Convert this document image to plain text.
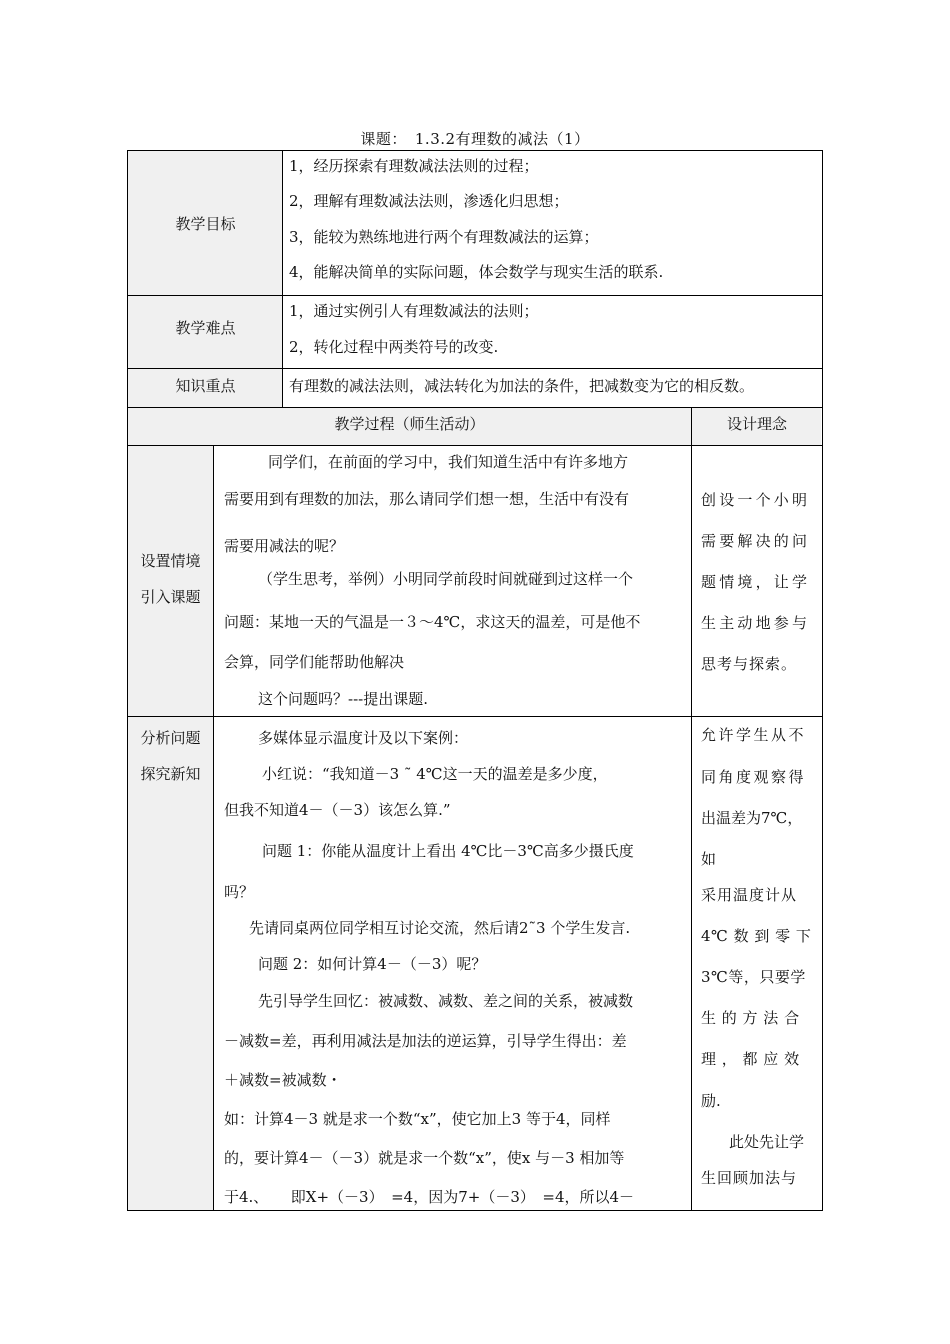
课题：　1.3.2有理数的减法（1）
教学目标
1，经历探索有理数减法法则的过程；
2，理解有理数减法法则，渗透化归思想；
3，能较为熟练地进行两个有理数减法的运算；
4，能解决简单的实际问题，体会数学与现实生活的联系.
教学难点
1，通过实例引人有理数减法的法则；
2，转化过程中两类符号的改变.
知识重点	有理数的减法法则，减法转化为加法的条件，把减数变为它的相反数。
教学过程（师生活动）	设计理念
设置情境
引入课题
同学们，在前面的学习中，我们知道生活中有许多地方
需要用到有理数的加法，那么请同学们想一想，生活中有没有
需要用减法的呢？
（学生思考，举例）小明同学前段时间就碰到过这样一个
问题：某地一天的气温是一３～4℃，求这天的温差，可是他不
会算，同学们能帮助他解决
这个问题吗？---提出课题.
创设一个小明
需要解决的问
题情境，让学
生主动地参与
思考与探索。
分析问题
探究新知
多媒体显示温度计及以下案例：
小红说：“我知道－3 ˜ 4℃这一天的温差是多少度，
但我不知道4－（－3）该怎么算.”
问题 1：你能从温度计上看出 4℃比－3℃高多少摄氏度
吗？
先请同桌两位同学相互讨论交流，然后请2˜3 个学生发言.
问题 2：如何计算4－（－3）呢？
先引导学生回忆：被减数、减数、差之间的关系，被减数
－减数=差，再利用减法是加法的逆运算，引导学生得出：差
＋减数=被减数・
如：计算4－3 就是求一个数“x”，使它加上3 等于4，同样
的，要计算4－（－3）就是求一个数“x”，使x 与－3 相加等
于4.、　　即X+（－3）　=4，因为7+（－3）　=4，所以4－
允许学生从不
同角度观察得
出温差为7℃，
如
采用温度计从
4℃ 数 到 零 下
3℃等，只要学
生 的 方 法 合
理 ， 都 应 效
励.
此处先让学
生回顾加法与
